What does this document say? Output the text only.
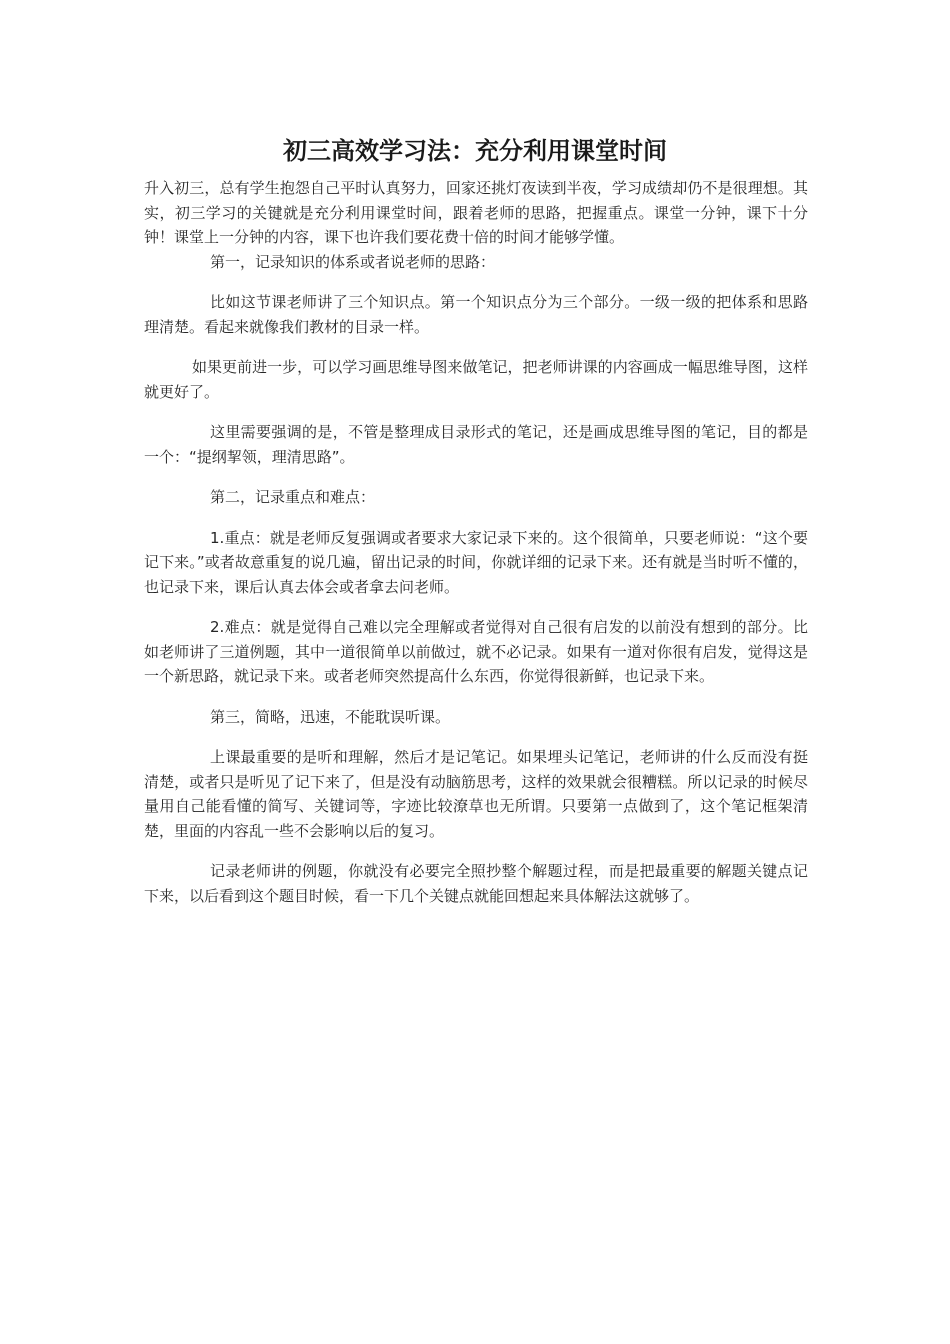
初三高效学习法：充分利用课堂时间

升入初三，总有学生抱怨自己平时认真努力，回家还挑灯夜读到半夜，学习成绩却仍不是很理想。其实，初三学习的关键就是充分利用课堂时间，跟着老师的思路，把握重点。课堂一分钟，课下十分钟！课堂上一分钟的内容，课下也许我们要花费十倍的时间才能够学懂。

第一，记录知识的体系或者说老师的思路：

比如这节课老师讲了三个知识点。第一个知识点分为三个部分。一级一级的把体系和思路理清楚。看起来就像我们教材的目录一样。

如果更前进一步，可以学习画思维导图来做笔记，把老师讲课的内容画成一幅思维导图，这样就更好了。

这里需要强调的是，不管是整理成目录形式的笔记，还是画成思维导图的笔记，目的都是一个：“提纲挈领，理清思路”。

第二，记录重点和难点：

1.重点：就是老师反复强调或者要求大家记录下来的。这个很简单，只要老师说：“这个要记下来。”或者故意重复的说几遍，留出记录的时间，你就详细的记录下来。还有就是当时听不懂的，也记录下来，课后认真去体会或者拿去问老师。

2.难点：就是觉得自己难以完全理解或者觉得对自己很有启发的以前没有想到的部分。比如老师讲了三道例题，其中一道很简单以前做过，就不必记录。如果有一道对你很有启发，觉得这是一个新思路，就记录下来。或者老师突然提高什么东西，你觉得很新鲜，也记录下来。

第三，简略，迅速，不能耽误听课。

上课最重要的是听和理解，然后才是记笔记。如果埋头记笔记，老师讲的什么反而没有挺清楚，或者只是听见了记下来了，但是没有动脑筋思考，这样的效果就会很糟糕。所以记录的时候尽量用自己能看懂的简写、关键词等，字迹比较潦草也无所谓。只要第一点做到了，这个笔记框架清楚，里面的内容乱一些不会影响以后的复习。

记录老师讲的例题，你就没有必要完全照抄整个解题过程，而是把最重要的解题关键点记下来，以后看到这个题目时候，看一下几个关键点就能回想起来具体解法这就够了。
